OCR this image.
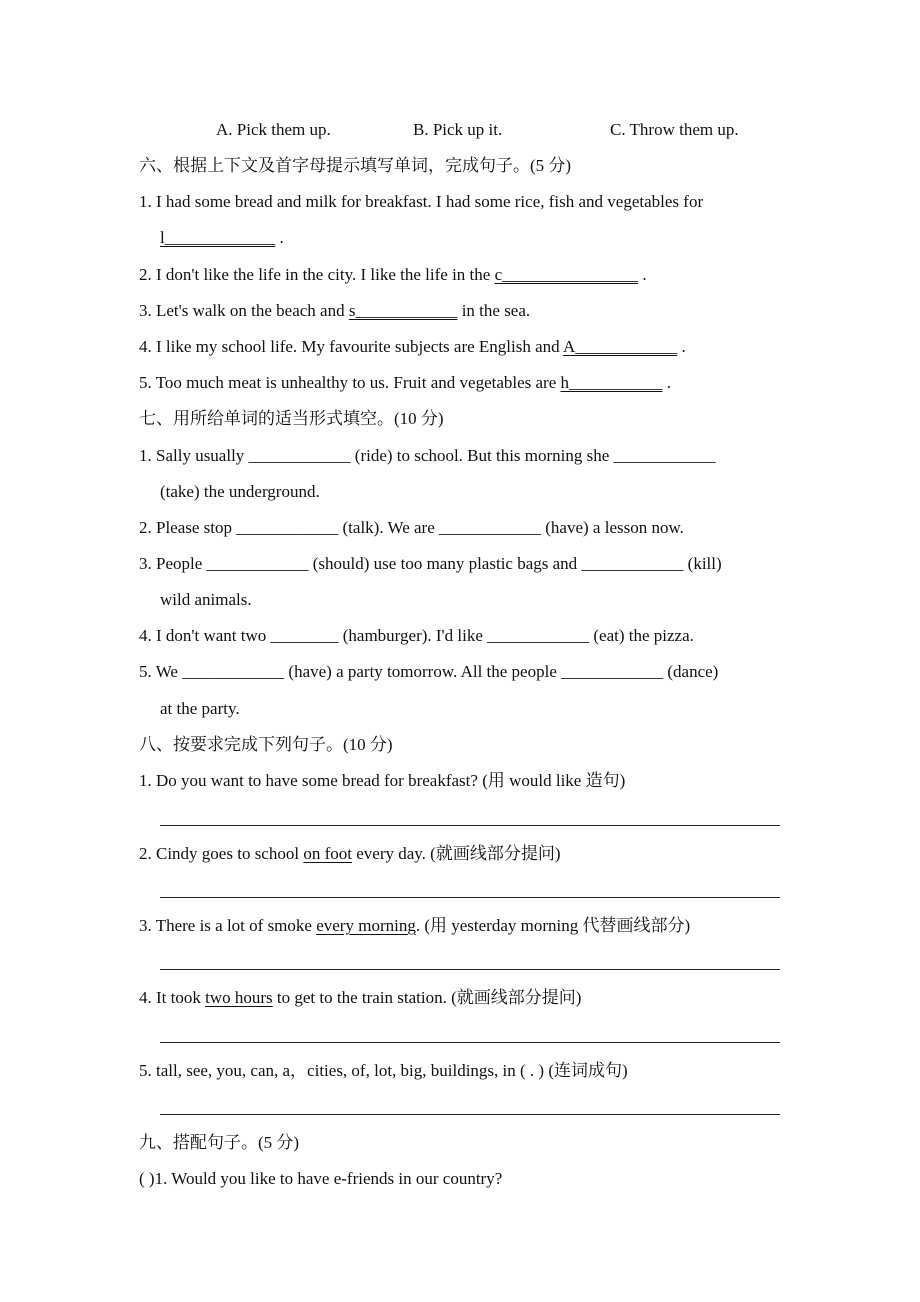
A. Pick them up.	B. Pick up it.	C. Throw them up.
六、根据上下文及首字母提示填写单词，完成句子。(5 分)
1. I had some bread and milk for breakfast. I had some rice, fish and vegetables for
l_____________ .
2. I don't like the life in the city. I like the life in the c________________ .
3. Let's walk on the beach and s____________ in the sea.
4. I like my school life. My favourite subjects are English and A____________ .
5. Too much meat is unhealthy to us. Fruit and vegetables are h___________ .
七、用所给单词的适当形式填空。(10 分)
1. Sally usually ____________ (ride) to school. But this morning she ____________
(take) the underground.
2. Please stop ____________ (talk). We are ____________ (have) a lesson now.
3. People ____________ (should) use too many plastic bags and ____________ (kill)
wild animals.
4. I don't want two ________ (hamburger). I'd like ____________ (eat) the pizza.
5. We ____________ (have) a party tomorrow. All the people ____________ (dance)
at the party.
八、按要求完成下列句子。(10 分)
1. Do you want to have some bread for breakfast? (用 would like 造句)
2. Cindy goes to school on foot every day. (就画线部分提问)
3. There is a lot of smoke every morning. (用 yesterday morning 代替画线部分)
4. It took two hours to get to the train station. (就画线部分提问)
5. tall, see, you, can, a，cities, of, lot, big, buildings, in ( . ) (连词成句)
九、搭配句子。(5 分)
( )1. Would you like to have e-friends in our country?
